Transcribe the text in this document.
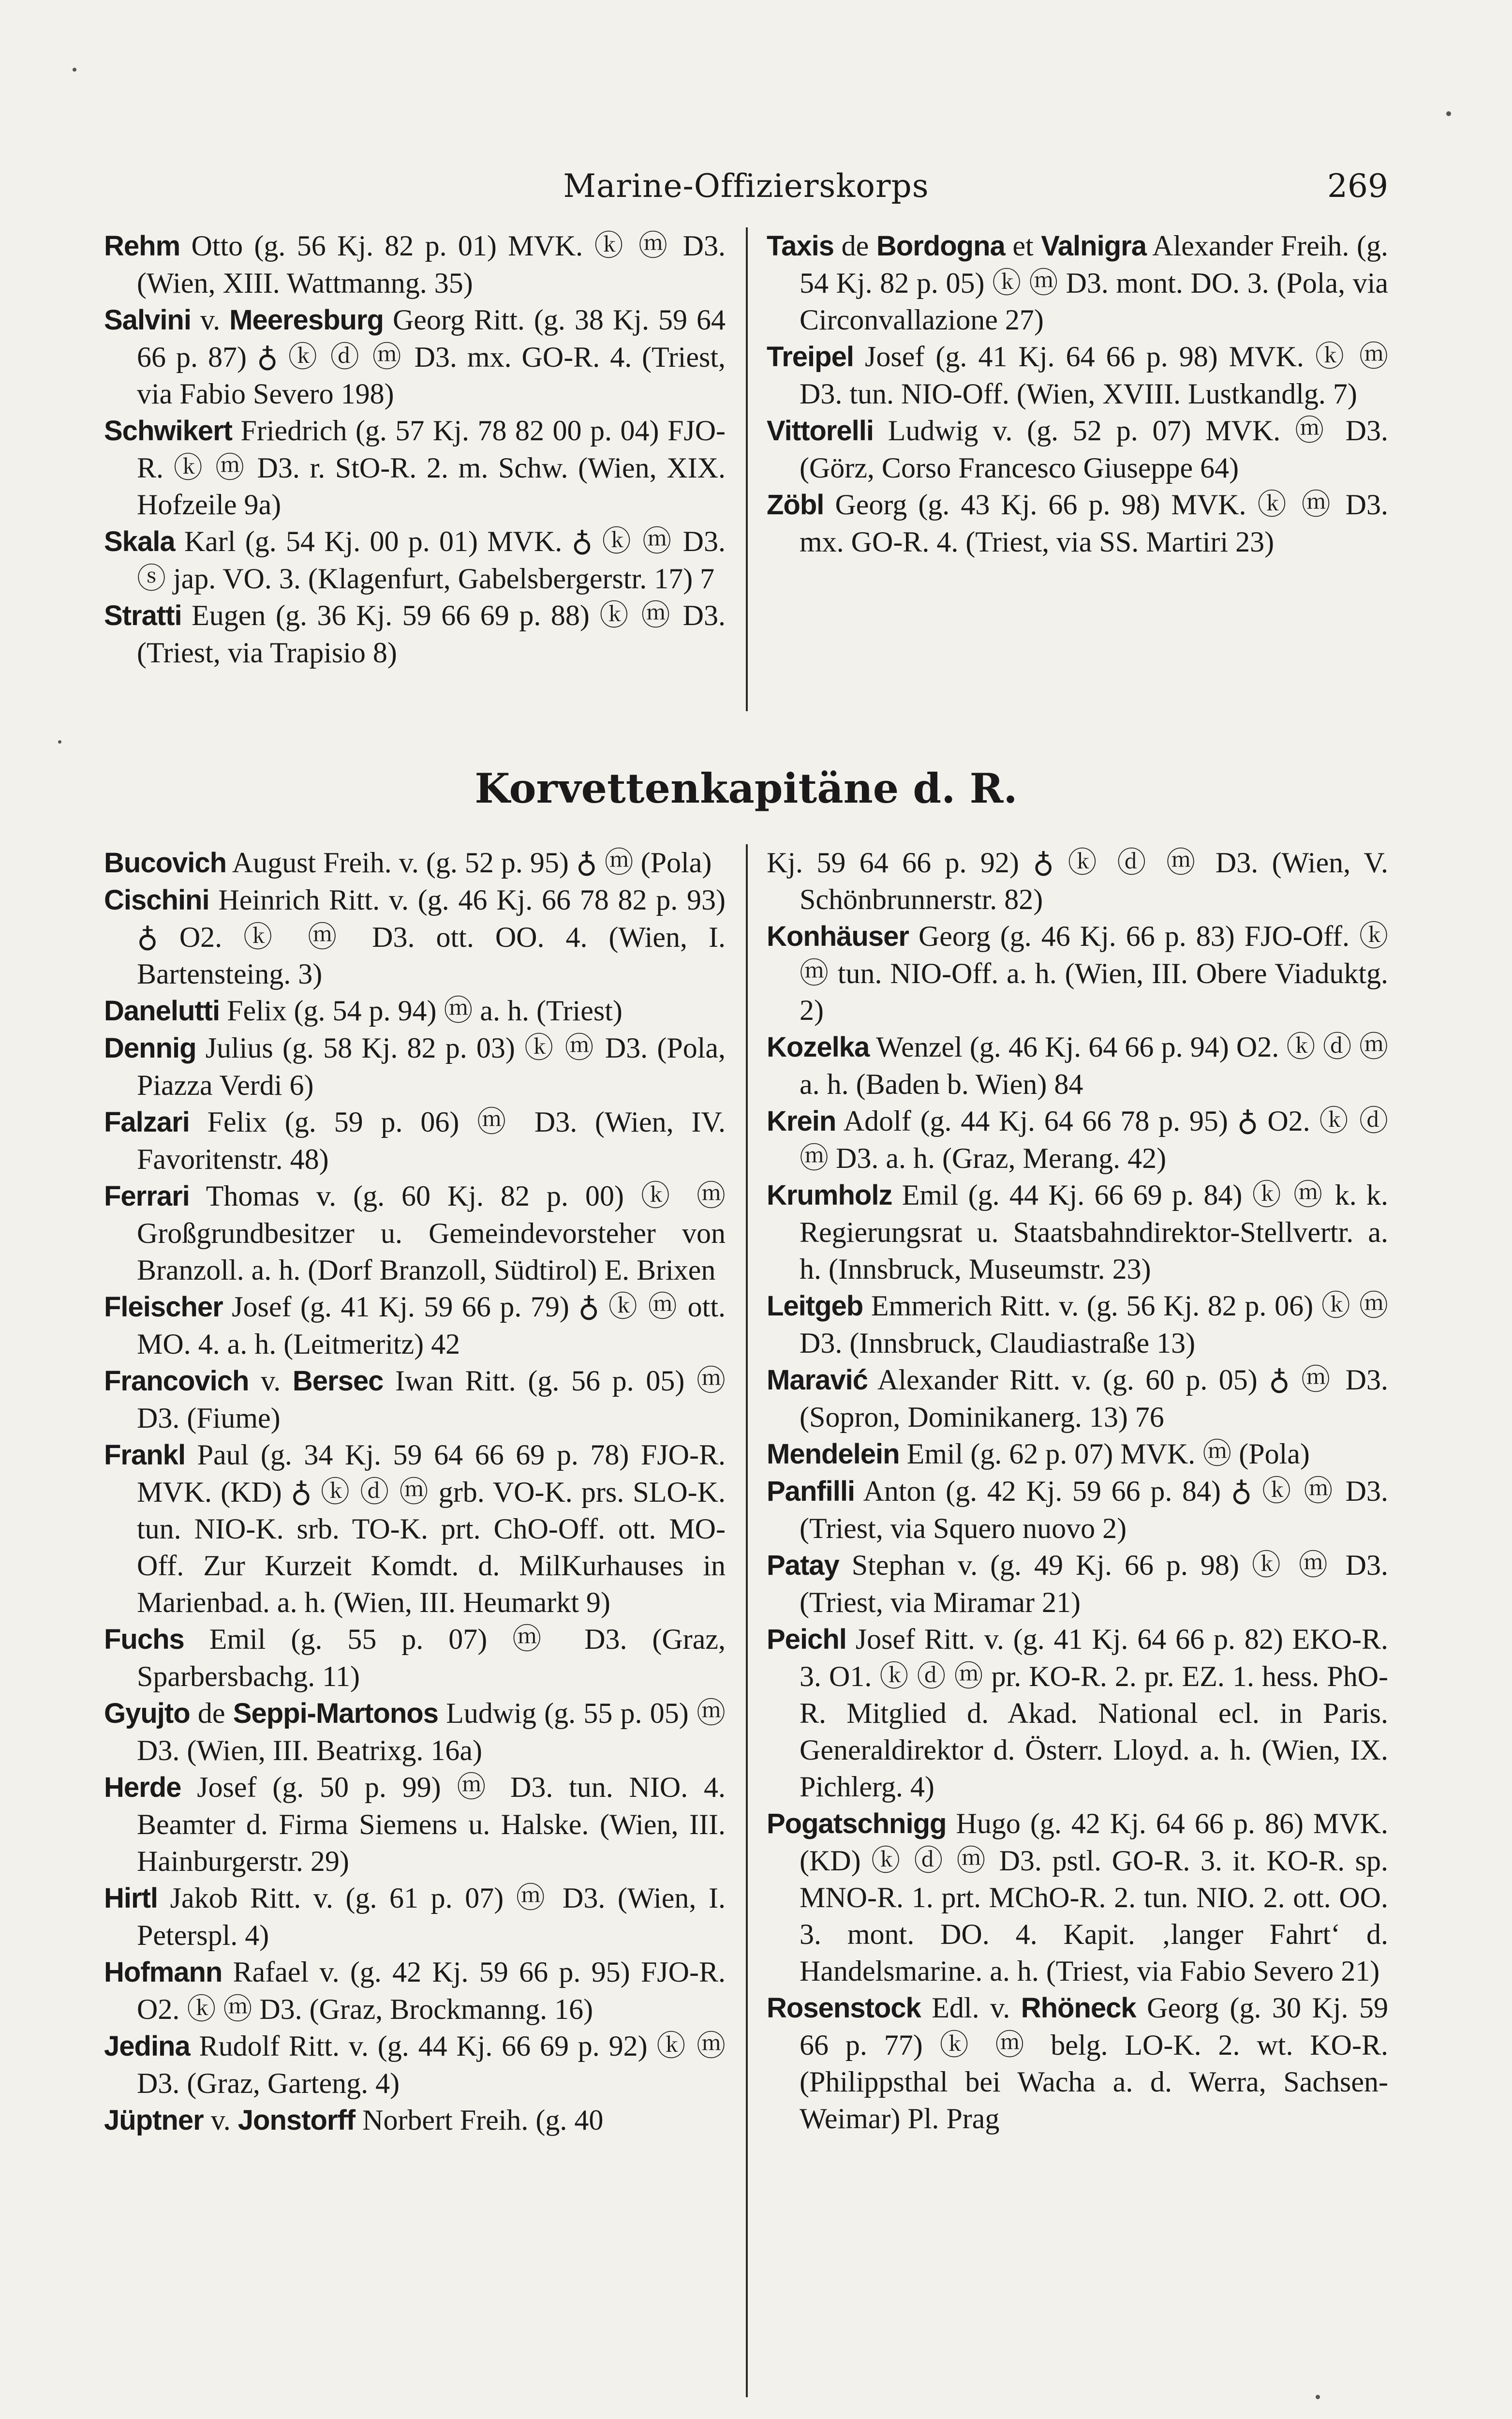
Marine-Offizierskorps	269

Rehm Otto (g. 56 Kj. 82 p. 01) MVK. ⓚ ⓜ D3. (Wien, XIII. Wattmanng. 35)

Salvini v. Meeresburg Georg Ritt. (g. 38 Kj. 59 64 66 p. 87) ♁ ⓚ ⓓ ⓜ D3. mx. GO-R. 4. (Triest, via Fabio Severo 198)

Schwikert Friedrich (g. 57 Kj. 78 82 00 p. 04) FJO-R. ⓚ ⓜ D3. r. StO-R. 2. m. Schw. (Wien, XIX. Hofzeile 9a)

Skala Karl (g. 54 Kj. 00 p. 01) MVK. ♁ ⓚ ⓜ D3. ⓢ jap. VO. 3. (Klagenfurt, Gabelsbergerstr. 17) 7

Stratti Eugen (g. 36 Kj. 59 66 69 p. 88) ⓚ ⓜ D3. (Triest, via Trapisio 8)

Taxis de Bordogna et Valnigra Alexander Freih. (g. 54 Kj. 82 p. 05) ⓚ ⓜ D3. mont. DO. 3. (Pola, via Circonvallazione 27)

Treipel Josef (g. 41 Kj. 64 66 p. 98) MVK. ⓚ ⓜ D3. tun. NIO-Off. (Wien, XVIII. Lustkandlg. 7)

Vittorelli Ludwig v. (g. 52 p. 07) MVK. ⓜ D3. (Görz, Corso Francesco Giuseppe 64)

Zöbl Georg (g. 43 Kj. 66 p. 98) MVK. ⓚ ⓜ D3. mx. GO-R. 4. (Triest, via SS. Martiri 23)

Korvettenkapitäne d. R.

Bucovich August Freih. v. (g. 52 p. 95) ♁ ⓜ (Pola)

Cischini Heinrich Ritt. v. (g. 46 Kj. 66 78 82 p. 93) ♁ O2. ⓚ ⓜ D3. ott. OO. 4. (Wien, I. Bartensteing. 3)

Danelutti Felix (g. 54 p. 94) ⓜ a. h. (Triest)

Dennig Julius (g. 58 Kj. 82 p. 03) ⓚ ⓜ D3. (Pola, Piazza Verdi 6)

Falzari Felix (g. 59 p. 06) ⓜ D3. (Wien, IV. Favoritenstr. 48)

Ferrari Thomas v. (g. 60 Kj. 82 p. 00) ⓚ ⓜ Großgrundbesitzer u. Gemeindevorsteher von Branzoll. a. h. (Dorf Branzoll, Südtirol) E. Brixen

Fleischer Josef (g. 41 Kj. 59 66 p. 79) ♁ ⓚ ⓜ ott. MO. 4. a. h. (Leitmeritz) 42

Francovich v. Bersec Iwan Ritt. (g. 56 p. 05) ⓜ D3. (Fiume)

Frankl Paul (g. 34 Kj. 59 64 66 69 p. 78) FJO-R. MVK. (KD) ♁ ⓚ ⓓ ⓜ grb. VO-K. prs. SLO-K. tun. NIO-K. srb. TO-K. prt. ChO-Off. ott. MO-Off. Zur Kurzeit Komdt. d. MilKurhauses in Marienbad. a. h. (Wien, III. Heumarkt 9)

Fuchs Emil (g. 55 p. 07) ⓜ D3. (Graz, Sparbersbachg. 11)

Gyujto de Seppi-Martonos Ludwig (g. 55 p. 05) ⓜ D3. (Wien, III. Beatrixg. 16a)

Herde Josef (g. 50 p. 99) ⓜ D3. tun. NIO. 4. Beamter d. Firma Siemens u. Halske. (Wien, III. Hainburgerstr. 29)

Hirtl Jakob Ritt. v. (g. 61 p. 07) ⓜ D3. (Wien, I. Peterspl. 4)

Hofmann Rafael v. (g. 42 Kj. 59 66 p. 95) FJO-R. O2. ⓚ ⓜ D3. (Graz, Brockmanng. 16)

Jedina Rudolf Ritt. v. (g. 44 Kj. 66 69 p. 92) ⓚ ⓜ D3. (Graz, Garteng. 4)

Jüptner v. Jonstorff Norbert Freih. (g. 40

Kj. 59 64 66 p. 92) ♁ ⓚ ⓓ ⓜ D3. (Wien, V. Schönbrunnerstr. 82)

Konhäuser Georg (g. 46 Kj. 66 p. 83) FJO-Off. ⓚ ⓜ tun. NIO-Off. a. h. (Wien, III. Obere Viaduktg. 2)

Kozelka Wenzel (g. 46 Kj. 64 66 p. 94) O2. ⓚ ⓓ ⓜ a. h. (Baden b. Wien) 84

Krein Adolf (g. 44 Kj. 64 66 78 p. 95) ♁ O2. ⓚ ⓓ ⓜ D3. a. h. (Graz, Merang. 42)

Krumholz Emil (g. 44 Kj. 66 69 p. 84) ⓚ ⓜ k. k. Regierungsrat u. Staatsbahndirektor-Stellvertr. a. h. (Innsbruck, Museumstr. 23)

Leitgeb Emmerich Ritt. v. (g. 56 Kj. 82 p. 06) ⓚ ⓜ D3. (Innsbruck, Claudiastraße 13)

Maravić Alexander Ritt. v. (g. 60 p. 05) ♁ ⓜ D3. (Sopron, Dominikanerg. 13) 76

Mendelein Emil (g. 62 p. 07) MVK. ⓜ (Pola)

Panfilli Anton (g. 42 Kj. 59 66 p. 84) ♁ ⓚ ⓜ D3. (Triest, via Squero nuovo 2)

Patay Stephan v. (g. 49 Kj. 66 p. 98) ⓚ ⓜ D3. (Triest, via Miramar 21)

Peichl Josef Ritt. v. (g. 41 Kj. 64 66 p. 82) EKO-R. 3. O1. ⓚ ⓓ ⓜ pr. KO-R. 2. pr. EZ. 1. hess. PhO-R. Mitglied d. Akad. National ecl. in Paris. Generaldirektor d. Österr. Lloyd. a. h. (Wien, IX. Pichlerg. 4)

Pogatschnigg Hugo (g. 42 Kj. 64 66 p. 86) MVK. (KD) ⓚ ⓓ ⓜ D3. pstl. GO-R. 3. it. KO-R. sp. MNO-R. 1. prt. MChO-R. 2. tun. NIO. 2. ott. OO. 3. mont. DO. 4. Kapit. ‚langer Fahrt‘ d. Handelsmarine. a. h. (Triest, via Fabio Severo 21)

Rosenstock Edl. v. Rhöneck Georg (g. 30 Kj. 59 66 p. 77) ⓚ ⓜ belg. LO-K. 2. wt. KO-R. (Philippsthal bei Wacha a. d. Werra, Sachsen-Weimar) Pl. Prag
